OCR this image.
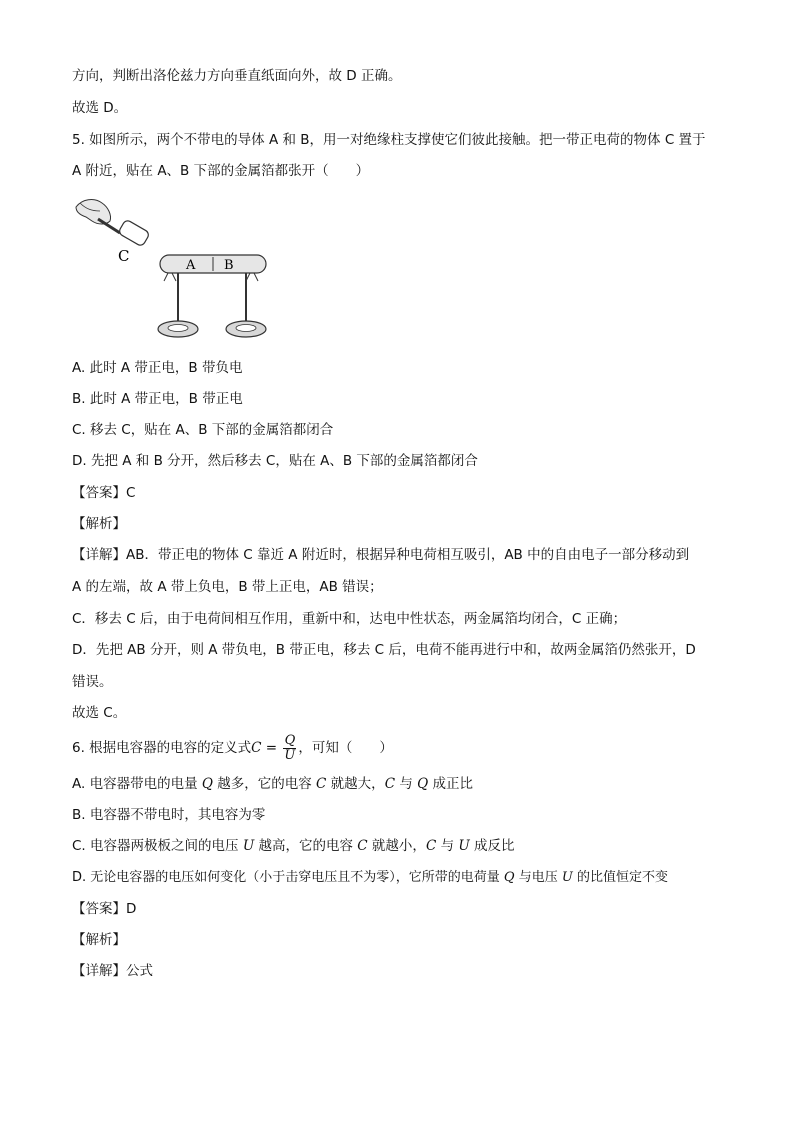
方向，判断出洛伦兹力方向垂直纸面向外，故 D 正确。
故选 D。
5. 如图所示，两个不带电的导体 A 和 B，用一对绝缘柱支撑使它们彼此接触。把一带正电荷的物体 C 置于
A 附近，贴在 A、B 下部的金属箔都张开（　　）
C
A B
A. 此时 A 带正电，B 带负电
B. 此时 A 带正电，B 带正电
C. 移去 C，贴在 A、B 下部的金属箔都闭合
D. 先把 A 和 B 分开，然后移去 C，贴在 A、B 下部的金属箔都闭合
【答案】C
【解析】
【详解】AB．带正电的物体 C 靠近 A 附近时，根据异种电荷相互吸引，AB 中的自由电子一部分移动到
A 的左端，故 A 带上负电，B 带上正电，AB 错误；
C．移去 C 后，由于电荷间相互作用，重新中和，达电中性状态，两金属箔均闭合，C 正确；
D．先把 AB 分开，则 A 带负电，B 带正电，移去 C 后，电荷不能再进行中和，故两金属箔仍然张开，D
错误。
故选 C。
6. 根据电容器的电容的定义式$C = \frac{Q}{U}$ ，可知（　　）
A. 电容器带电的电量 Q 越多，它的电容 C 就越大，C 与 Q 成正比
B. 电容器不带电时，其电容为零
C. 电容器两极板之间的电压 U 越高，它的电容 C 就越小，C 与 U 成反比
D. 无论电容器的电压如何变化（小于击穿电压且不为零），它所带的电荷量 Q 与电压 U 的比值恒定不变
【答案】D
【解析】
【详解】公式
